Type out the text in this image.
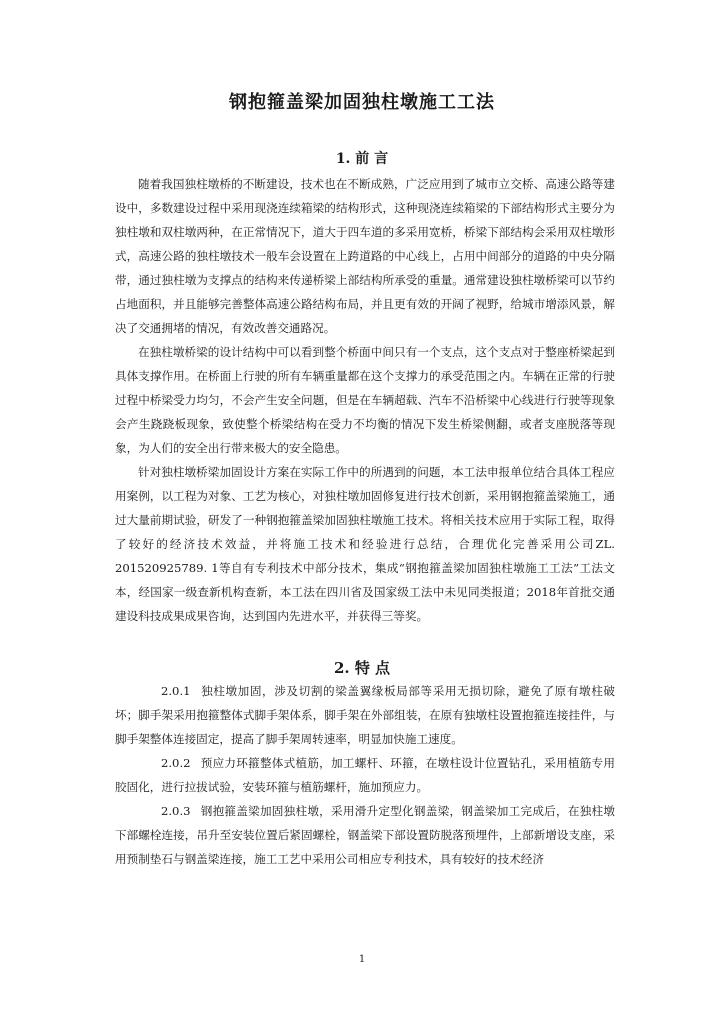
钢抱箍盖梁加固独柱墩施工工法
1. 前 言

随着我国独柱墩桥的不断建设，技术也在不断成熟，广泛应用到了城市立交桥、高速公路等建设中，多数建设过程中采用现浇连续箱梁的结构形式，这种现浇连续箱梁的下部结构形式主要分为独柱墩和双柱墩两种，在正常情况下，道大于四车道的多采用宽桥，桥梁下部结构会采用双柱墩形式，高速公路的独柱墩技术一般车会设置在上跨道路的中心线上，占用中间部分的道路的中央分隔带，通过独柱墩为支撑点的结构来传递桥梁上部结构所承受的重量。通常建设独柱墩桥梁可以节约占地面积，并且能够完善整体高速公路结构布局，并且更有效的开阔了视野，给城市增添风景，解决了交通拥堵的情况，有效改善交通路况。

在独柱墩桥梁的设计结构中可以看到整个桥面中间只有一个支点，这个支点对于整座桥梁起到具体支撑作用。在桥面上行驶的所有车辆重量都在这个支撑力的承受范围之内。车辆在正常的行驶过程中桥梁受力均匀，不会产生安全问题，但是在车辆超载、汽车不沿桥梁中心线进行行驶等现象会产生跷跷板现象，致使整个桥梁结构在受力不均衡的情况下发生桥梁侧翻，或者支座脱落等现象，为人们的安全出行带来极大的安全隐患。

针对独柱墩桥梁加固设计方案在实际工作中的所遇到的问题，本工法申报单位结合具体工程应用案例，以工程为对象、工艺为核心，对独柱墩加固修复进行技术创新，采用钢抱箍盖梁施工，通过大量前期试验，研发了一种钢抱箍盖梁加固独柱墩施工技术。将相关技术应用于实际工程，取得了较好的经济技术效益，并将施工技术和经验进行总结，合理优化完善采用公司ZL. 201520925789. 1等自有专利技术中部分技术，集成“钢抱箍盖梁加固独柱墩施工工法”工法文本，经国家一级查新机构查新，本工法在四川省及国家级工法中未见同类报道；2018年首批交通建设科技成果成果咨询，达到国内先进水平，并获得三等奖。

2. 特 点

2.0.1 独柱墩加固，涉及切割的梁盖翼缘板局部等采用无损切除，避免了原有墩柱破坏；脚手架采用抱箍整体式脚手架体系，脚手架在外部组装，在原有独墩柱设置抱箍连接挂件，与脚手架整体连接固定，提高了脚手架周转速率，明显加快施工速度。

2.0.2 预应力环箍整体式植筋，加工螺杆、环箍，在墩柱设计位置钻孔，采用植筋专用胶固化，进行拉拔试验，安装环箍与植筋螺杆，施加预应力。

2.0.3 钢抱箍盖梁加固独柱墩，采用滑升定型化钢盖梁，钢盖梁加工完成后，在独柱墩下部螺栓连接，吊升至安装位置后紧固螺栓，钢盖梁下部设置防脱落预埋件，上部新增设支座，采用预制垫石与钢盖梁连接，施工工艺中采用公司相应专利技术，具有较好的技术经济

1
